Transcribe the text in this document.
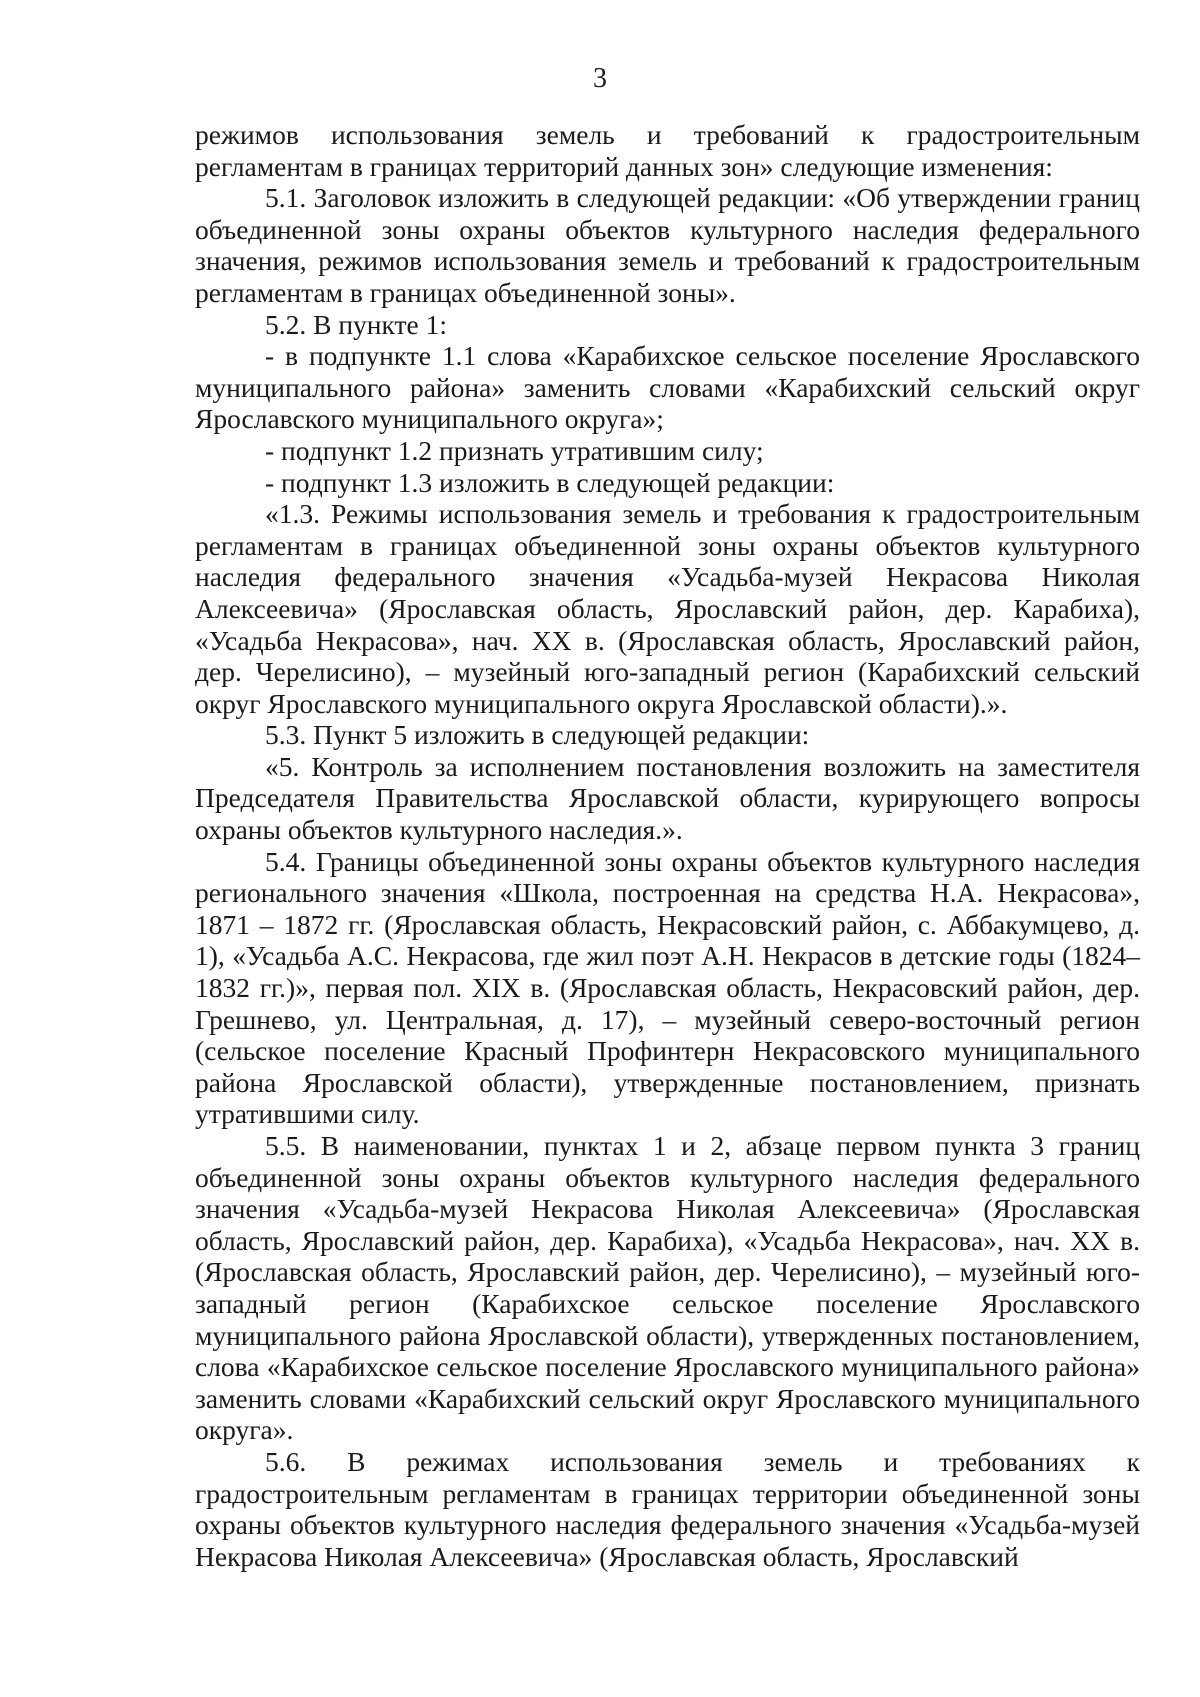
3

режимов использования земель и требований к градостроительным регламентам в границах территорий данных зон» следующие изменения:

5.1. Заголовок изложить в следующей редакции: «Об утверждении границ объединенной зоны охраны объектов культурного наследия федерального значения, режимов использования земель и требований к градостроительным регламентам в границах объединенной зоны».

5.2. В пункте 1:

- в подпункте 1.1 слова «Карабихское сельское поселение Ярославского муниципального района» заменить словами «Карабихский сельский округ Ярославского муниципального округа»;

- подпункт 1.2 признать утратившим силу;

- подпункт 1.3 изложить в следующей редакции:

«1.3. Режимы использования земель и требования к градостроительным регламентам в границах объединенной зоны охраны объектов культурного наследия федерального значения «Усадьба-музей Некрасова Николая Алексеевича» (Ярославская область, Ярославский район, дер. Карабиха), «Усадьба Некрасова», нач. XX в. (Ярославская область, Ярославский район, дер. Черелисино), – музейный юго-западный регион (Карабихский сельский округ Ярославского муниципального округа Ярославской области).».

5.3. Пункт 5 изложить в следующей редакции:

«5. Контроль за исполнением постановления возложить на заместителя Председателя Правительства Ярославской области, курирующего вопросы охраны объектов культурного наследия.».

5.4. Границы объединенной зоны охраны объектов культурного наследия регионального значения «Школа, построенная на средства Н.А. Некрасова», 1871 – 1872 гг. (Ярославская область, Некрасовский район, с. Аббакумцево, д. 1), «Усадьба А.С. Некрасова, где жил поэт А.Н. Некрасов в детские годы (1824–1832 гг.)», первая пол. XIX в. (Ярославская область, Некрасовский район, дер. Грешнево, ул. Центральная, д. 17), – музейный северо-восточный регион (сельское поселение Красный Профинтерн Некрасовского муниципального района Ярославской области), утвержденные постановлением, признать утратившими силу.

5.5. В наименовании, пунктах 1 и 2, абзаце первом пункта 3 границ объединенной зоны охраны объектов культурного наследия федерального значения «Усадьба-музей Некрасова Николая Алексеевича» (Ярославская область, Ярославский район, дер. Карабиха), «Усадьба Некрасова», нач. XX в. (Ярославская область, Ярославский район, дер. Черелисино), – музейный юго-западный регион (Карабихское сельское поселение Ярославского муниципального района Ярославской области), утвержденных постановлением, слова «Карабихское сельское поселение Ярославского муниципального района» заменить словами «Карабихский сельский округ Ярославского муниципального округа».

5.6. В режимах использования земель и требованиях к градостроительным регламентам в границах территории объединенной зоны охраны объектов культурного наследия федерального значения «Усадьба-музей Некрасова Николая Алексеевича» (Ярославская область, Ярославский
